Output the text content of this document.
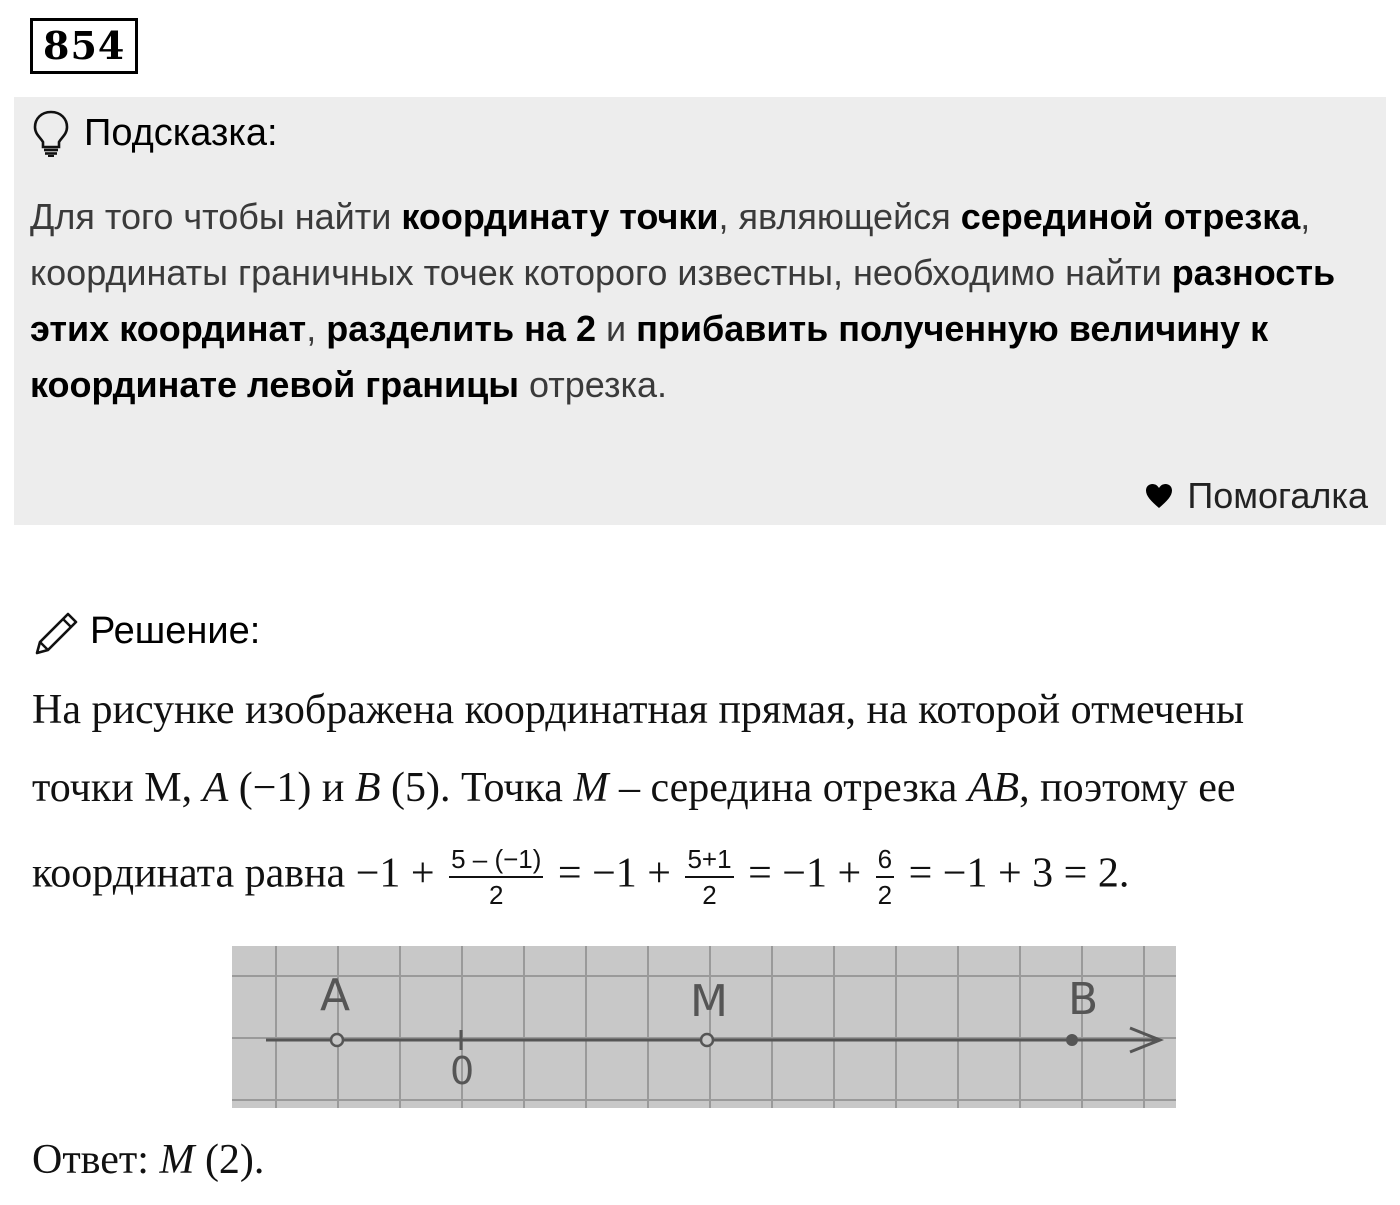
854
Подсказка:
Для того чтобы найти координату точки, являющейся серединой отрезка, координаты граничных точек которого известны, необходимо найти разность этих координат, разделить на 2 и прибавить полученную величину к координате левой границы отрезка.
Помогалка
Решение:
На рисунке изображена координатная прямая, на которой отмечены
точки М, A (−1) и B (5). Точка M – середина отрезка AB, поэтому ее
координата равна $-1 + \frac{5 - (-1)}{2} = -1 + \frac{5+1}{2} = -1 + \frac{6}{2} = -1 + 3 = 2$.
A	M	B
0
Ответ: M (2).
